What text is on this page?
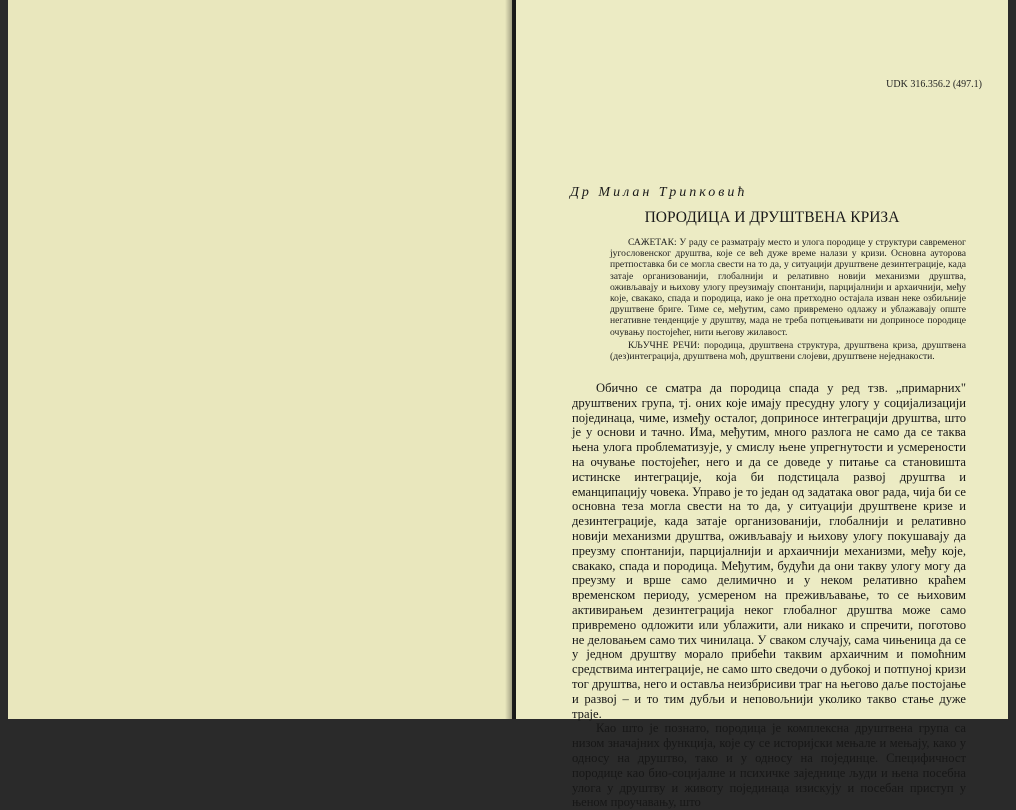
UDK 316.356.2 (497.1)
Др Милан Трипковић
ПОРОДИЦА И ДРУШТВЕНА КРИЗА

САЖЕТАК: У раду се разматрају место и улога породице у структури савременог југословенског друштва, које се већ дуже време налази у кризи. Основна ауторова претпоставка би се могла свести на то да, у ситуацији друштвене дезинтеграције, када затаје организованији, глобалнији и релативно новији механизми друштва, оживљавају и њихову улогу преузимају спонтанији, парцијалнији и архаичнији, међу које, свакако, спада и породица, иако је она претходно остајала изван неке озбиљније друштвене бриге. Тиме се, међутим, само привремено одлажу и ублажавају опште негативне тенденције у друштву, мада не треба потцењивати ни доприносе породице очувању постојећег, нити његову жилавост.

КЉУЧНЕ РЕЧИ: породица, друштвена структура, друштвена криза, друштвена (дез)интеграција, друштвена моћ, друштвени слојеви, друштвене неједнакости.

Обично се сматра да породица спада у ред тзв. „примарних" друштвених група, тј. оних које имају пресудну улогу у социјализацији појединаца, чиме, између осталог, доприносе интеграцији друштва, што је у основи и тачно. Има, међутим, много разлога не само да се таква њена улога проблематизује, у смислу њене упрегнутости и усмерености на очување постојећег, него и да се доведе у питање са становишта истинске интеграције, која би подстицала развој друштва и еманципацију човека. Управо је то један од задатака овог рада, чија би се основна теза могла свести на то да, у ситуацији друштвене кризе и дезинтеграције, када затаје организованији, глобалнији и релативно новији механизми друштва, оживљавају и њихову улогу покушавају да преузму спонтанији, парцијалнији и архаичнији механизми, међу које, свакако, спада и породица. Међутим, будући да они такву улогу могу да преузму и врше само делимично и у неком релативно краћем временском периоду, усмереном на преживљавање, то се њиховим активирањем дезинтеграција неког глобалног друштва може само привремено одложити или ублажити, али никако и спречити, поготово не деловањем само тих чинилаца. У сваком случају, сама чињеница да се у једном друштву морало прибећи таквим архаичним и помоћним средствима интеграције, не само што сведочи о дубокој и потпуној кризи тог друштва, него и оставља неизбрисиви траг на његово даље постојање и развој – и то тим дубљи и неповољнији уколико такво стање дуже траје.

Као што је познато, породица је комплексна друштвена група са низом значајних функција, које су се историјски мењале и мењају, како у односу на друштво, тако и у односу на појединце. Специфичност породице као био-социјалне и психичке заједнице људи и њена посебна улога у друштву и животу појединаца изискују и посебан приступ у њеном проучавању, што
